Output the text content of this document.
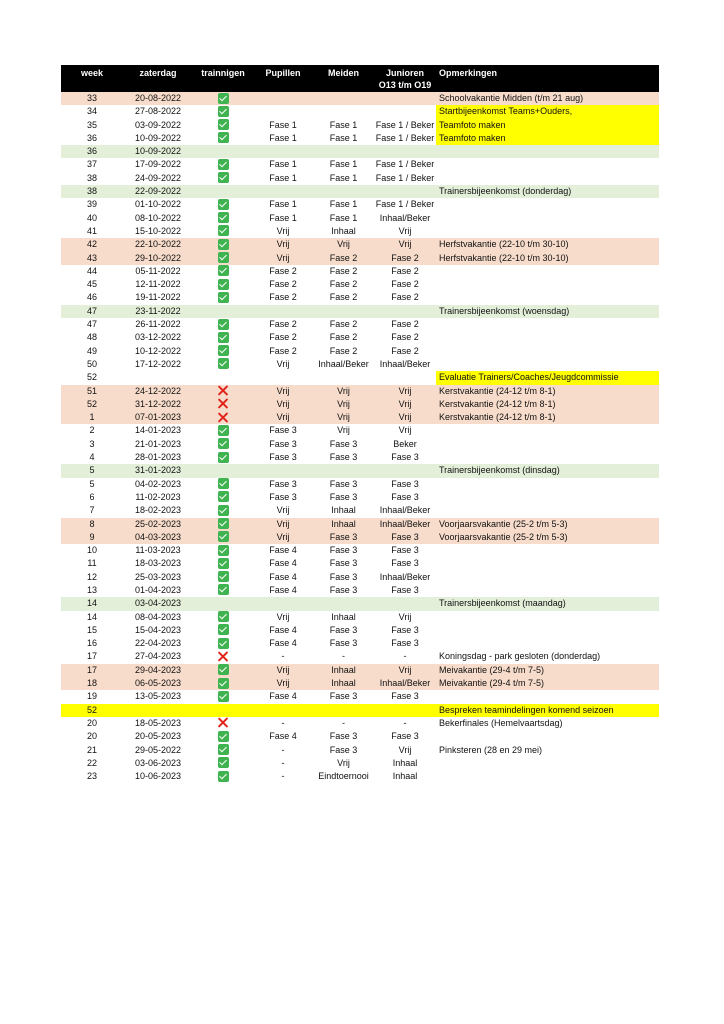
week	zaterdag	trainnigen	Pupillen	Meiden	Junioren
O13 t/m O19	Opmerkingen
33	20-08-2022					Schoolvakantie Midden (t/m 21 aug)
34	27-08-2022					Startbijeenkomst Teams+Ouders,
35	03-09-2022		Fase 1	Fase 1	Fase 1 / Beker	Teamfoto maken
36	10-09-2022		Fase 1	Fase 1	Fase 1 / Beker	Teamfoto maken
36	10-09-2022					
37	17-09-2022		Fase 1	Fase 1	Fase 1 / Beker	
38	24-09-2022		Fase 1	Fase 1	Fase 1 / Beker	
38	22-09-2022					Trainersbijeenkomst (donderdag)
39	01-10-2022		Fase 1	Fase 1	Fase 1 / Beker	
40	08-10-2022		Fase 1	Fase 1	Inhaal/Beker	
41	15-10-2022		Vrij	Inhaal	Vrij	
42	22-10-2022		Vrij	Vrij	Vrij	Herfstvakantie (22-10 t/m 30-10)
43	29-10-2022		Vrij	Fase 2	Fase 2	Herfstvakantie (22-10 t/m 30-10)
44	05-11-2022		Fase 2	Fase 2	Fase 2	
45	12-11-2022		Fase 2	Fase 2	Fase 2	
46	19-11-2022		Fase 2	Fase 2	Fase 2	
47	23-11-2022					Trainersbijeenkomst (woensdag)
47	26-11-2022		Fase 2	Fase 2	Fase 2	
48	03-12-2022		Fase 2	Fase 2	Fase 2	
49	10-12-2022		Fase 2	Fase 2	Fase 2	
50	17-12-2022		Vrij	Inhaal/Beker	Inhaal/Beker	
52						Evaluatie Trainers/Coaches/Jeugdcommissie
51	24-12-2022		Vrij	Vrij	Vrij	Kerstvakantie (24-12 t/m 8-1)
52	31-12-2022		Vrij	Vrij	Vrij	Kerstvakantie (24-12 t/m 8-1)
1	07-01-2023		Vrij	Vrij	Vrij	Kerstvakantie (24-12 t/m 8-1)
2	14-01-2023		Fase 3	Vrij	Vrij	
3	21-01-2023		Fase 3	Fase 3	Beker	
4	28-01-2023		Fase 3	Fase 3	Fase 3	
5	31-01-2023					Trainersbijeenkomst (dinsdag)
5	04-02-2023		Fase 3	Fase 3	Fase 3	
6	11-02-2023		Fase 3	Fase 3	Fase 3	
7	18-02-2023		Vrij	Inhaal	Inhaal/Beker	
8	25-02-2023		Vrij	Inhaal	Inhaal/Beker	Voorjaarsvakantie (25-2 t/m 5-3)
9	04-03-2023		Vrij	Fase 3	Fase 3	Voorjaarsvakantie (25-2 t/m 5-3)
10	11-03-2023		Fase 4	Fase 3	Fase 3	
11	18-03-2023		Fase 4	Fase 3	Fase 3	
12	25-03-2023		Fase 4	Fase 3	Inhaal/Beker	
13	01-04-2023		Fase 4	Fase 3	Fase 3	
14	03-04-2023					Trainersbijeenkomst (maandag)
14	08-04-2023		Vrij	Inhaal	Vrij	
15	15-04-2023		Fase 4	Fase 3	Fase 3	
16	22-04-2023		Fase 4	Fase 3	Fase 3	
17	27-04-2023		-	-	-	Koningsdag - park gesloten (donderdag)
17	29-04-2023		Vrij	Inhaal	Vrij	Meivakantie (29-4 t/m 7-5)
18	06-05-2023		Vrij	Inhaal	Inhaal/Beker	Meivakantie (29-4 t/m 7-5)
19	13-05-2023		Fase 4	Fase 3	Fase 3	
52						Bespreken teamindelingen komend seizoen
20	18-05-2023		-	-	-	Bekerfinales (Hemelvaartsdag)
20	20-05-2023		Fase 4	Fase 3	Fase 3	
21	29-05-2022		-	Fase 3	Vrij	Pinksteren (28 en 29 mei)
22	03-06-2023		-	Vrij	Inhaal	
23	10-06-2023		-	Eindtoernooi	Inhaal	
